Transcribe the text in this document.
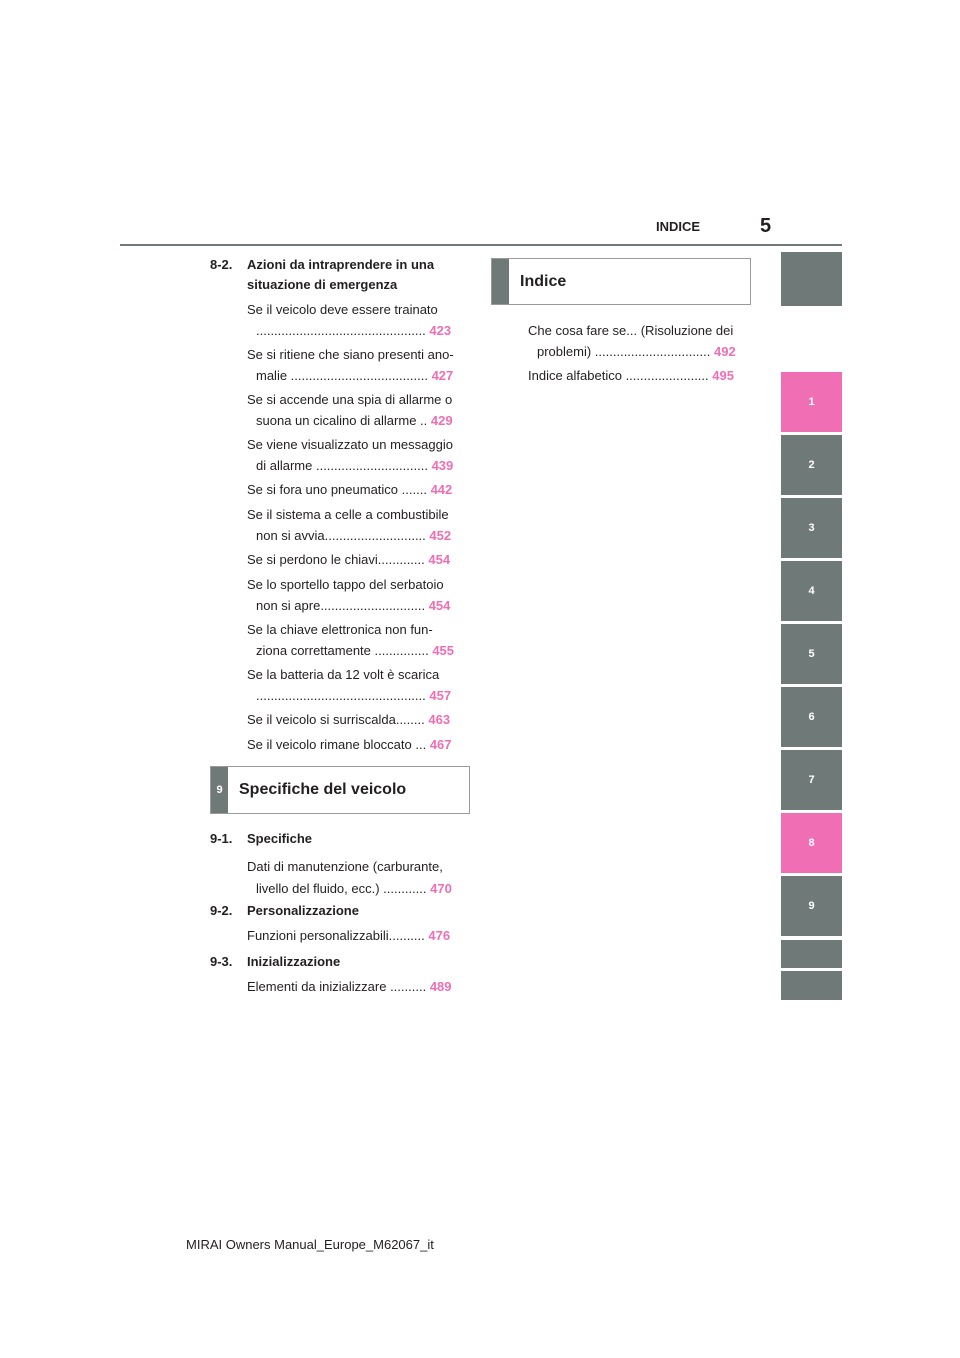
INDICE	5
1
2
3
4
5
6
7
8
9
8-2. Azioni da intraprendere in una situazione di emergenza
Se il veicolo deve essere trainato
............................................... 423
Se si ritiene che siano presenti ano-
malie ...................................... 427
Se si accende una spia di allarme o
suona un cicalino di allarme .. 429
Se viene visualizzato un messaggio
di allarme ............................... 439
Se si fora uno pneumatico ....... 442
Se il sistema a celle a combustibile
non si avvia............................ 452
Se si perdono le chiavi............. 454
Se lo sportello tappo del serbatoio
non si apre............................. 454
Se la chiave elettronica non fun-
ziona correttamente ............... 455
Se la batteria da 12 volt è scarica
............................................... 457
Se il veicolo si surriscalda........ 463
Se il veicolo rimane bloccato ... 467
9	Specifiche del veicolo
9-1. Specifiche
Dati di manutenzione (carburante,
livello del fluido, ecc.) ............ 470
9-2. Personalizzazione
Funzioni personalizzabili.......... 476
9-3. Inizializzazione
Elementi da inizializzare .......... 489
Indice
Che cosa fare se... (Risoluzione dei
problemi) ................................ 492
Indice alfabetico ....................... 495
MIRAI Owners Manual_Europe_M62067_it
